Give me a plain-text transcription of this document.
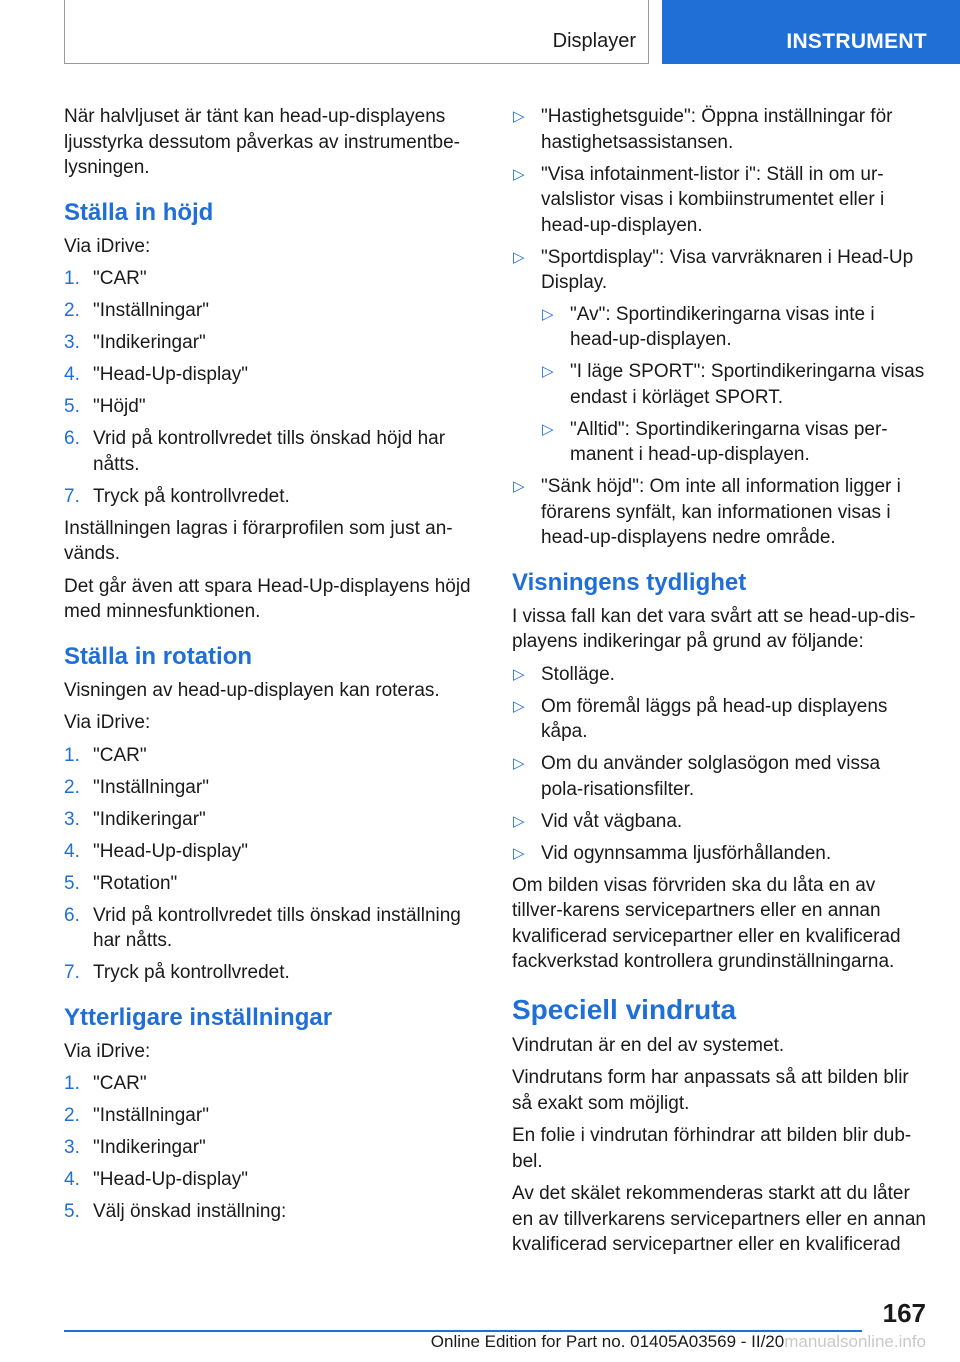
Displayer	INSTRUMENT

När halvljuset är tänt kan head-up-displayens ljusstyrka dessutom påverkas av instrumentbe-lysningen.

Ställa in höjd

Via iDrive:

1. "CAR"
2. "Inställningar"
3. "Indikeringar"
4. "Head-Up-display"
5. "Höjd"
6. Vrid på kontrollvredet tills önskad höjd har nåtts.
7. Tryck på kontrollvredet.

Inställningen lagras i förarprofilen som just an-vänds.

Det går även att spara Head-Up-displayens höjd med minnesfunktionen.

Ställa in rotation

Visningen av head-up-displayen kan roteras.

Via iDrive:

1. "CAR"
2. "Inställningar"
3. "Indikeringar"
4. "Head-Up-display"
5. "Rotation"
6. Vrid på kontrollvredet tills önskad inställning har nåtts.
7. Tryck på kontrollvredet.
Ytterligare inställningar

Via iDrive:

1. "CAR"
2. "Inställningar"
3. "Indikeringar"
4. "Head-Up-display"
5. Välj önskad inställning:
▷ "Hastighetsguide": Öppna inställningar för hastighetsassistansen.
▷ "Visa infotainment-listor i": Ställ in om ur-valslistor visas i kombiinstrumentet eller i head-up-displayen.
▷ "Sportdisplay": Visa varvräknaren i Head-Up Display.
▷ "Av": Sportindikeringarna visas inte i head-up-displayen.
▷ "I läge SPORT": Sportindikeringarna visas endast i körläget SPORT.
▷ "Alltid": Sportindikeringarna visas per-manent i head-up-displayen.
▷ "Sänk höjd": Om inte all information ligger i förarens synfält, kan informationen visas i head-up-displayens nedre område.
Visningens tydlighet

I vissa fall kan det vara svårt att se head-up-dis-playens indikeringar på grund av följande:

▷ Stolläge.
▷ Om föremål läggs på head-up displayens kåpa.
▷ Om du använder solglasögon med vissa pola-risationsfilter.
▷ Vid våt vägbana.
▷ Vid ogynnsamma ljusförhållanden.

Om bilden visas förvriden ska du låta en av tillver-karens servicepartners eller en annan kvalificerad servicepartner eller en kvalificerad fackverkstad kontrollera grundinställningarna.

Speciell vindruta

Vindrutan är en del av systemet.

Vindrutans form har anpassats så att bilden blir så exakt som möjligt.

En folie i vindrutan förhindrar att bilden blir dub-bel.

Av det skälet rekommenderas starkt att du låter en av tillverkarens servicepartners eller en annan kvalificerad servicepartner eller en kvalificerad

167
Online Edition for Part no. 01405A03569 - II/20manualsonline.info
